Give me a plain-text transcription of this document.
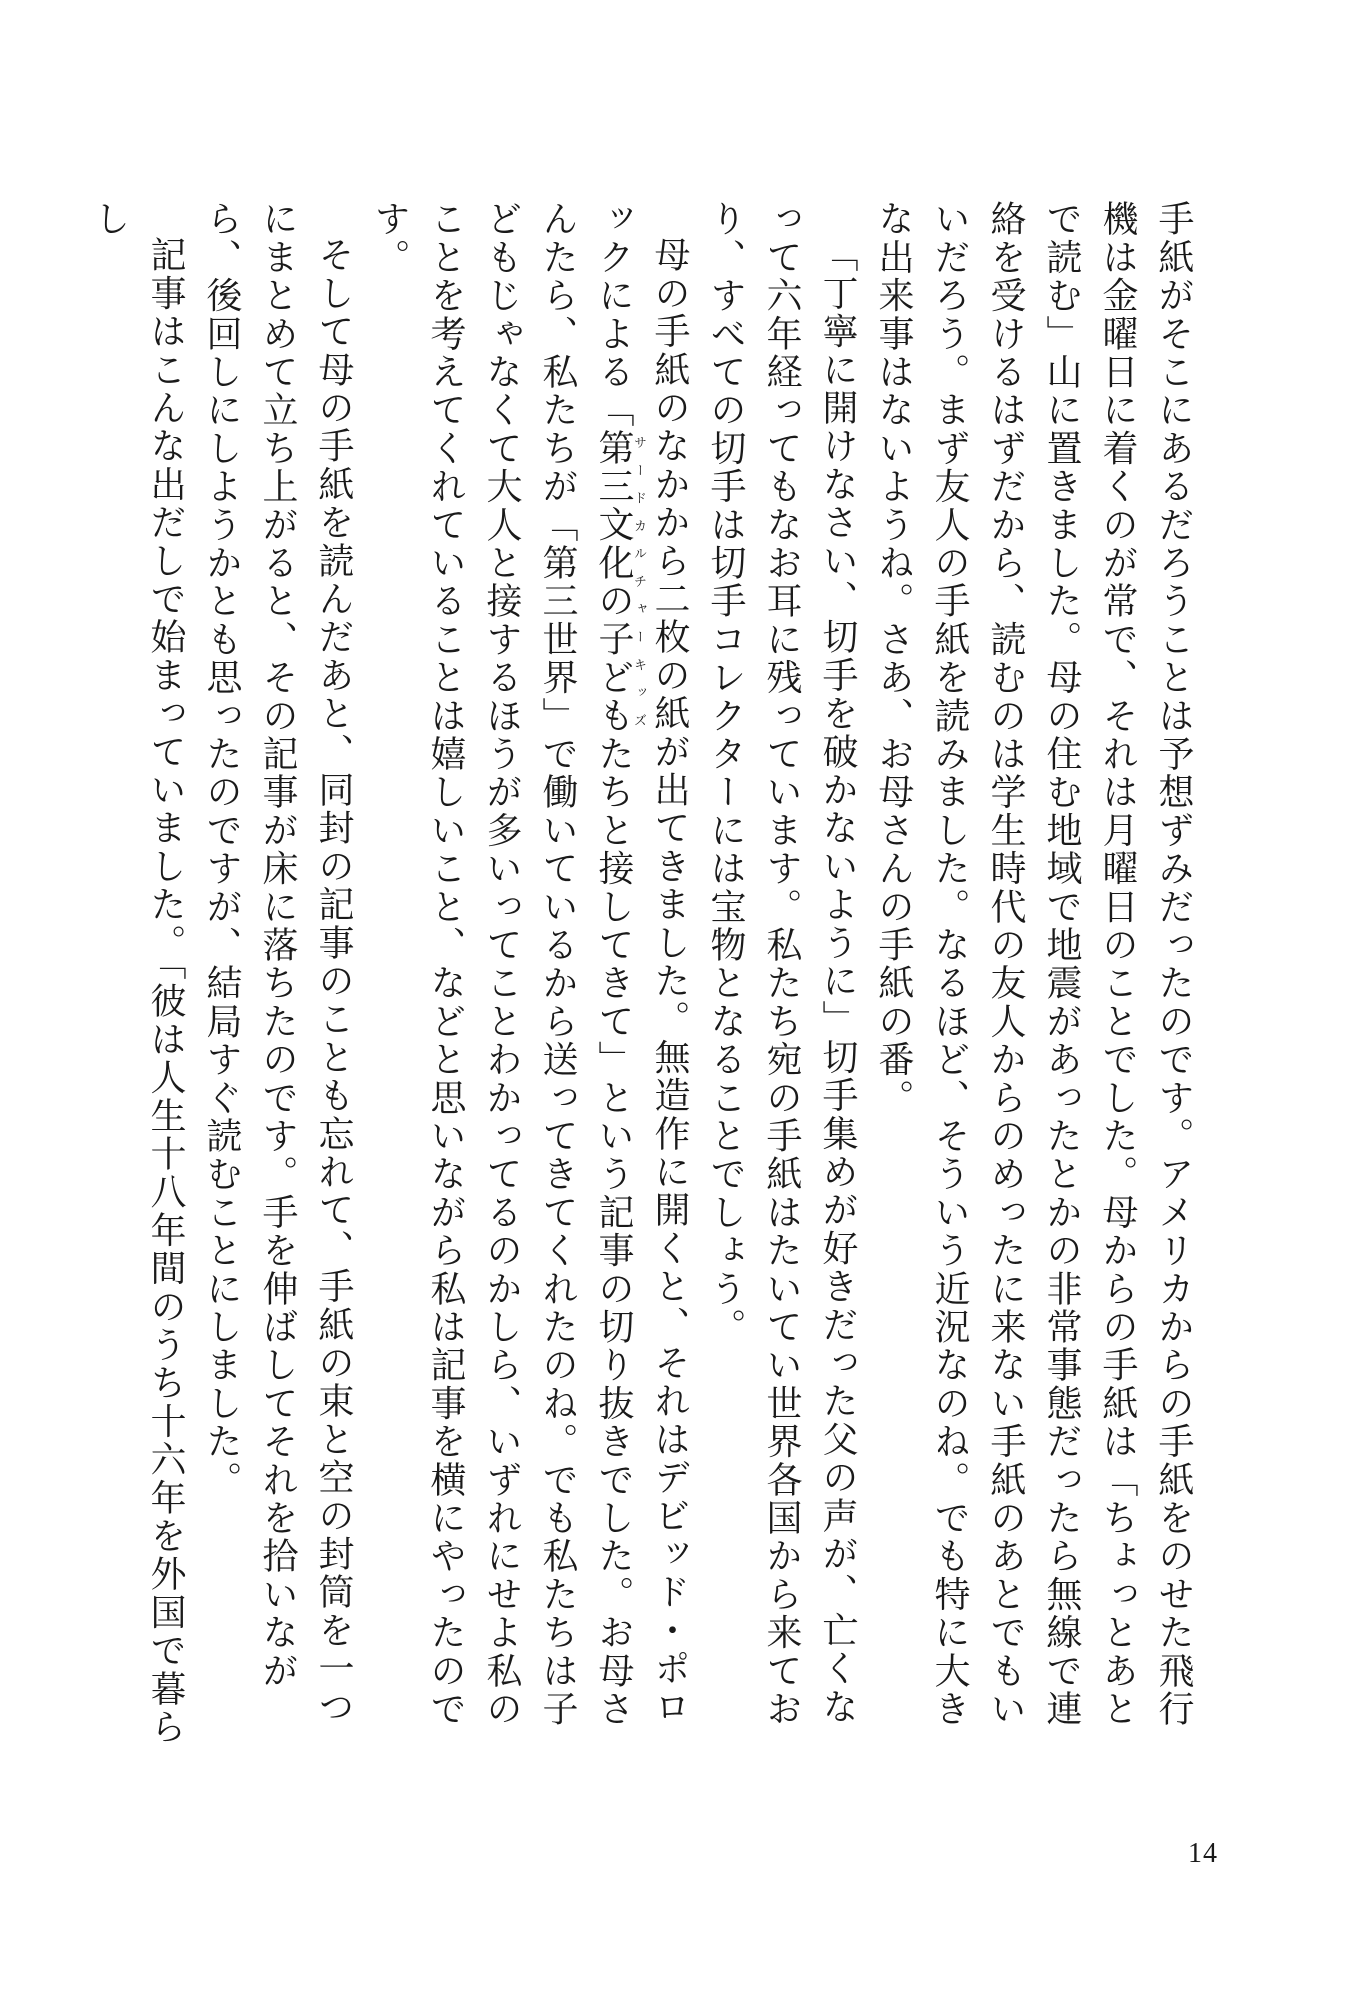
手紙がそこにあるだろうことは予想ずみだったのです。アメリカからの手紙をのせた飛行機は金曜日に着くのが常で、それは月曜日のことでした。母からの手紙は「ちょっとあとで読む」山に置きました。母の住む地域で地震があったとかの非常事態だったら無線で連絡を受けるはずだから、読むのは学生時代の友人からのめったに来ない手紙のあとでもいいだろう。まず友人の手紙を読みました。なるほど、そういう近況なのね。でも特に大きな出来事はないようね。さあ、お母さんの手紙の番。

「丁寧に開けなさい、切手を破かないように」切手集めが好きだった父の声が、亡くなって六年経ってもなお耳に残っています。私たち宛の手紙はたいてい世界各国から来ており、すべての切手は切手コレクターには宝物となることでしょう。

母の手紙のなかから二枚の紙が出てきました。無造作に開くと、それはデビッド・ポロックによる「第三文化の子どもサードカルチャーキッズたちと接してきて」という記事の切り抜きでした。お母さんたら、私たちが「第三世界」で働いているから送ってきてくれたのね。でも私たちは子どもじゃなくて大人と接するほうが多いってことわかってるのかしら、いずれにせよ私のことを考えてくれていることは嬉しいこと、などと思いながら私は記事を横にやったのです。

そして母の手紙を読んだあと、同封の記事のことも忘れて、手紙の束と空の封筒を一つにまとめて立ち上がると、その記事が床に落ちたのです。手を伸ばしてそれを拾いながら、後回しにしようかとも思ったのですが、結局すぐ読むことにしました。

記事はこんな出だしで始まっていました。「彼は人生十八年間のうち十六年を外国で暮らし

14
